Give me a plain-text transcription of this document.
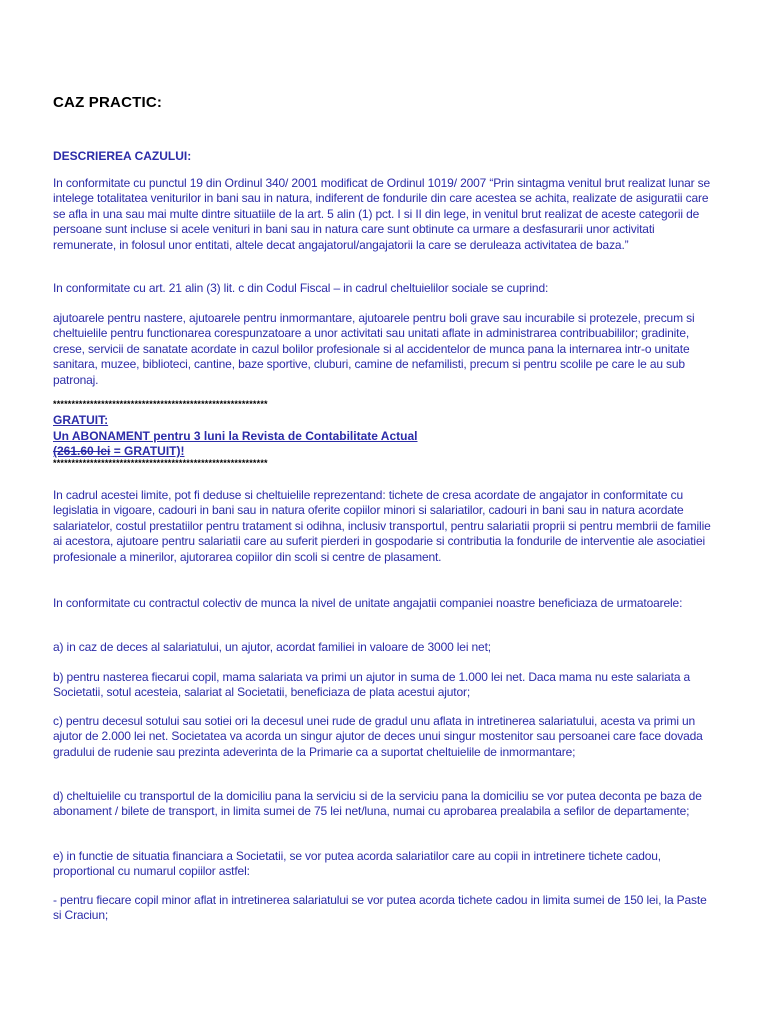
CAZ PRACTIC:
DESCRIEREA CAZULUI:

In conformitate cu punctul 19 din Ordinul 340/ 2001 modificat de Ordinul 1019/ 2007 “Prin sintagma venitul brut realizat lunar se intelege totalitatea veniturilor in bani sau in natura, indiferent de fondurile din care acestea se achita, realizate de asiguratii care se afla in una sau mai multe dintre situatiile de la art. 5 alin (1) pct. I si II din lege, in venitul brut realizat de aceste categorii de persoane sunt incluse si acele venituri in bani sau in natura care sunt obtinute ca urmare a desfasurarii unor activitati remunerate, in folosul unor entitati, altele decat angajatorul/angajatorii la care se deruleaza activitatea de baza.”

In conformitate cu art. 21 alin (3) lit. c din Codul Fiscal – in cadrul cheltuielilor sociale se cuprind:

ajutoarele pentru nastere, ajutoarele pentru inmormantare, ajutoarele pentru boli grave sau incurabile si protezele, precum si cheltuielile pentru functionarea corespunzatoare a unor activitati sau unitati aflate in administrarea contribuabililor; gradinite, crese, servicii de sanatate acordate in cazul bolilor profesionale si al accidentelor de munca pana la internarea intr-o unitate sanitara, muzee, biblioteci, cantine, baze sportive, cluburi, camine de nefamilisti, precum si pentru scolile pe care le au sub patronaj.

**********************************************************
GRATUIT:
Un ABONAMENT pentru 3 luni la Revista de Contabilitate Actual
(261.60 lei = GRATUIT)!
**********************************************************

In cadrul acestei limite, pot fi deduse si cheltuielile reprezentand: tichete de cresa acordate de angajator in conformitate cu legislatia in vigoare, cadouri in bani sau in natura oferite copiilor minori si salariatilor, cadouri in bani sau in natura acordate salariatelor, costul prestatiilor pentru tratament si odihna, inclusiv transportul, pentru salariatii proprii si pentru membrii de familie ai acestora, ajutoare pentru salariatii care au suferit pierderi in gospodarie si contributia la fondurile de interventie ale asociatiei profesionale a minerilor, ajutorarea copiilor din scoli si centre de plasament.

In conformitate cu contractul colectiv de munca la nivel de unitate angajatii companiei noastre beneficiaza de urmatoarele:

a) in caz de deces al salariatului, un ajutor, acordat familiei in valoare de 3000 lei net;

b) pentru nasterea fiecarui copil, mama salariata va primi un ajutor in suma de 1.000 lei net. Daca mama nu este salariata a Societatii, sotul acesteia, salariat al Societatii, beneficiaza de plata acestui ajutor;

c) pentru decesul sotului sau sotiei ori la decesul unei rude de gradul unu aflata in intretinerea salariatului, acesta va primi un ajutor de 2.000 lei net. Societatea va acorda un singur ajutor de deces unui singur mostenitor sau persoanei care face dovada gradului de rudenie sau prezinta adeverinta de la Primarie ca a suportat cheltuielile de inmormantare;

d) cheltuielile cu transportul de la domiciliu pana la serviciu si de la serviciu pana la domiciliu se vor putea deconta pe baza de abonament / bilete de transport, in limita sumei de 75 lei net/luna, numai cu aprobarea prealabila a sefilor de departamente;

e) in functie de situatia financiara a Societatii, se vor putea acorda salariatilor care au copii in intretinere tichete cadou, proportional cu numarul copiilor astfel:

- pentru fiecare copil minor aflat in intretinerea salariatului se vor putea acorda tichete cadou in limita sumei de 150 lei, la Paste si Craciun;
